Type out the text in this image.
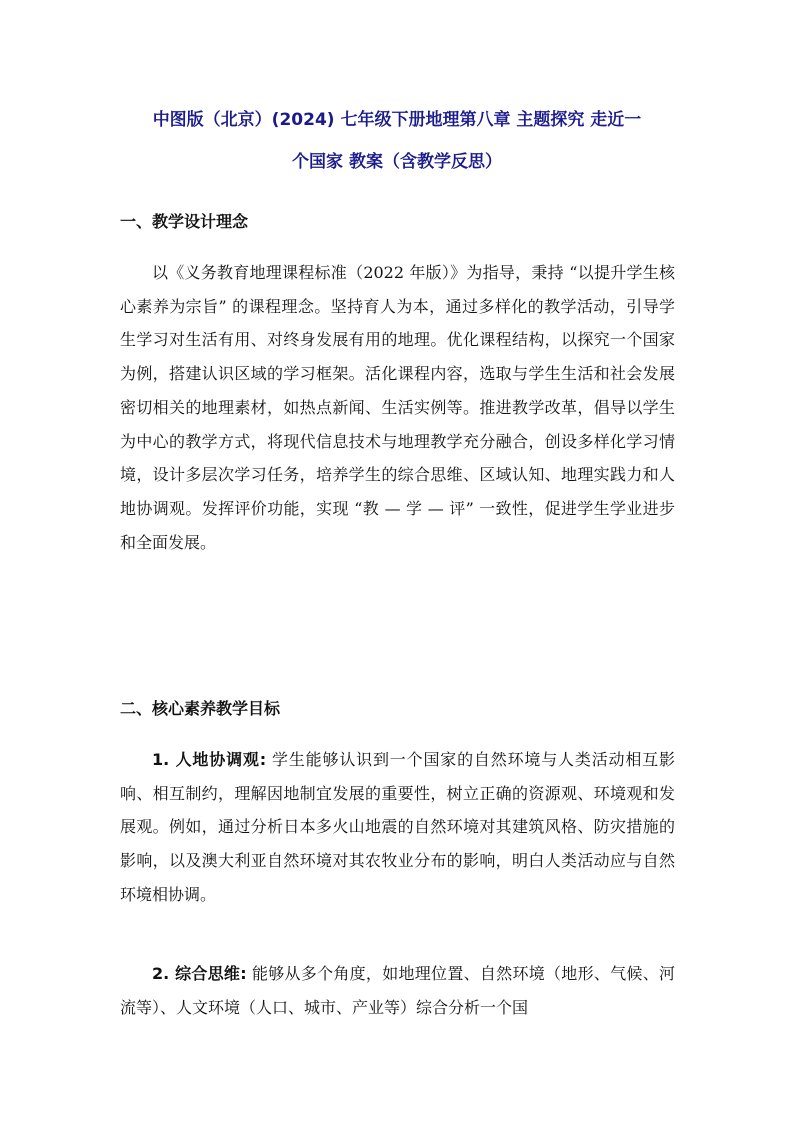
中图版（北京）(2024) 七年级下册地理第八章 主题探究 走近一
个国家 教案（含教学反思）
一、教学设计理念

以《义务教育地理课程标准（2022 年版）》为指导，秉持 “以提升学生核心素养为宗旨” 的课程理念。坚持育人为本，通过多样化的教学活动，引导学生学习对生活有用、对终身发展有用的地理。优化课程结构，以探究一个国家为例，搭建认识区域的学习框架。活化课程内容，选取与学生生活和社会发展密切相关的地理素材，如热点新闻、生活实例等。推进教学改革，倡导以学生为中心的教学方式，将现代信息技术与地理教学充分融合，创设多样化学习情境，设计多层次学习任务，培养学生的综合思维、区域认知、地理实践力和人地协调观。发挥评价功能，实现 “教 — 学 — 评” 一致性，促进学生学业进步和全面发展。

二、核心素养教学目标

1. 人地协调观: 学生能够认识到一个国家的自然环境与人类活动相互影响、相互制约，理解因地制宜发展的重要性，树立正确的资源观、环境观和发展观。例如，通过分析日本多火山地震的自然环境对其建筑风格、防灾措施的影响，以及澳大利亚自然环境对其农牧业分布的影响，明白人类活动应与自然环境相协调。

2. 综合思维: 能够从多个角度，如地理位置、自然环境（地形、气候、河流等）、人文环境（人口、城市、产业等）综合分析一个国
